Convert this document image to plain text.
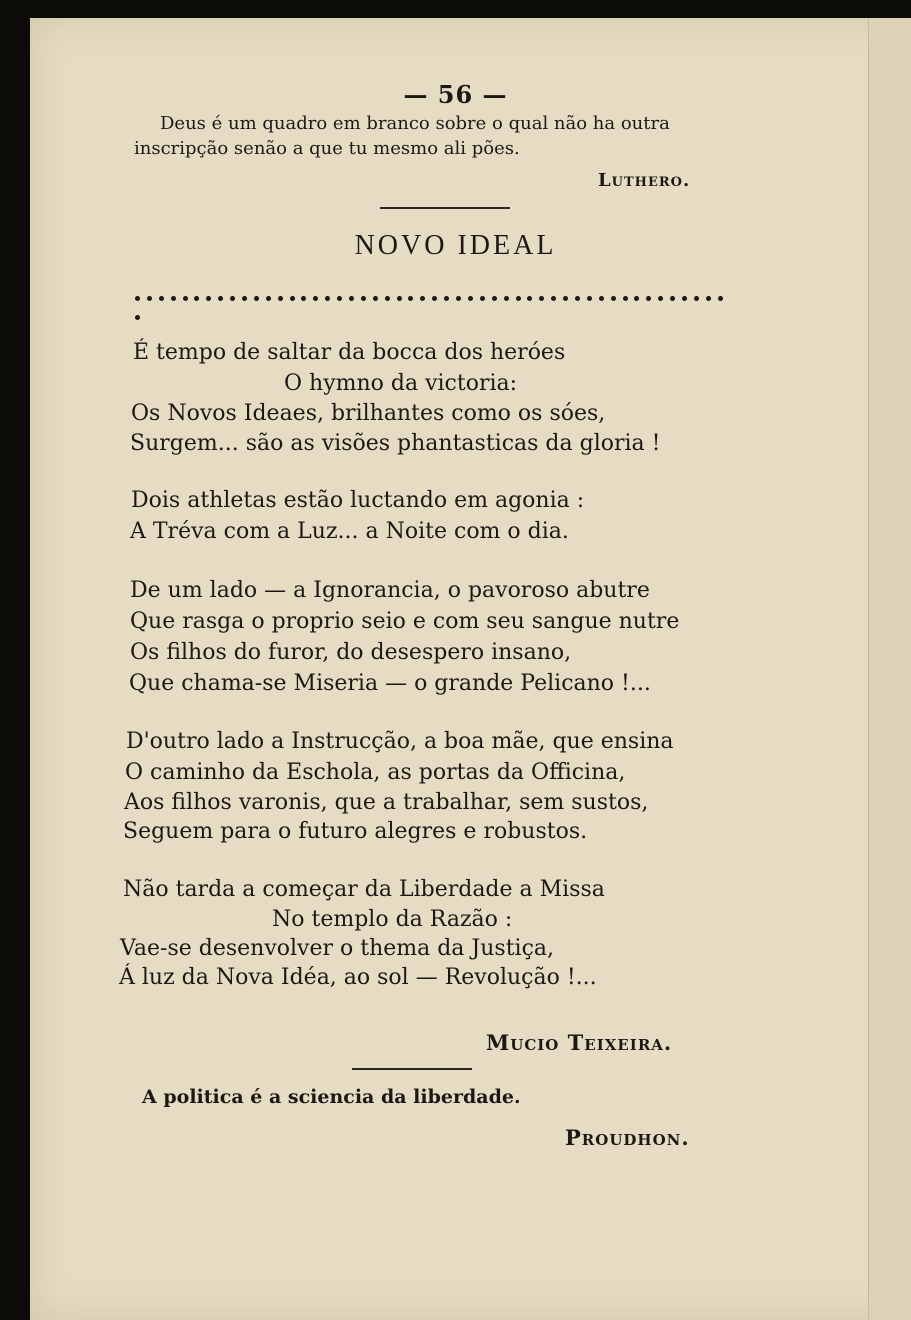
— 56 —
Deus é um quadro em branco sobre o qual não ha outra
inscripção senão a que tu mesmo ali pões.
Luthero.
NOVO IDEAL
É tempo de saltar da bocca dos heróes
O hymno da victoria:
Os Novos Ideaes, brilhantes como os sóes,
Surgem... são as visões phantasticas da gloria !
Dois athletas estão luctando em agonia :
A Tréva com a Luz... a Noite com o dia.
De um lado — a Ignorancia, o pavoroso abutre
Que rasga o proprio seio e com seu sangue nutre
Os filhos do furor, do desespero insano,
Que chama-se Miseria — o grande Pelicano !...
D'outro lado a Instrucção, a boa mãe, que ensina
O caminho da Eschola, as portas da Officina,
Aos filhos varonis, que a trabalhar, sem sustos,
Seguem para o futuro alegres e robustos.
Não tarda a começar da Liberdade a Missa
No templo da Razão :
Vae-se desenvolver o thema da Justiça,
Á luz da Nova Idéa, ao sol — Revolução !...
Mucio Teixeira.
A politica é a sciencia da liberdade.
Proudhon.
